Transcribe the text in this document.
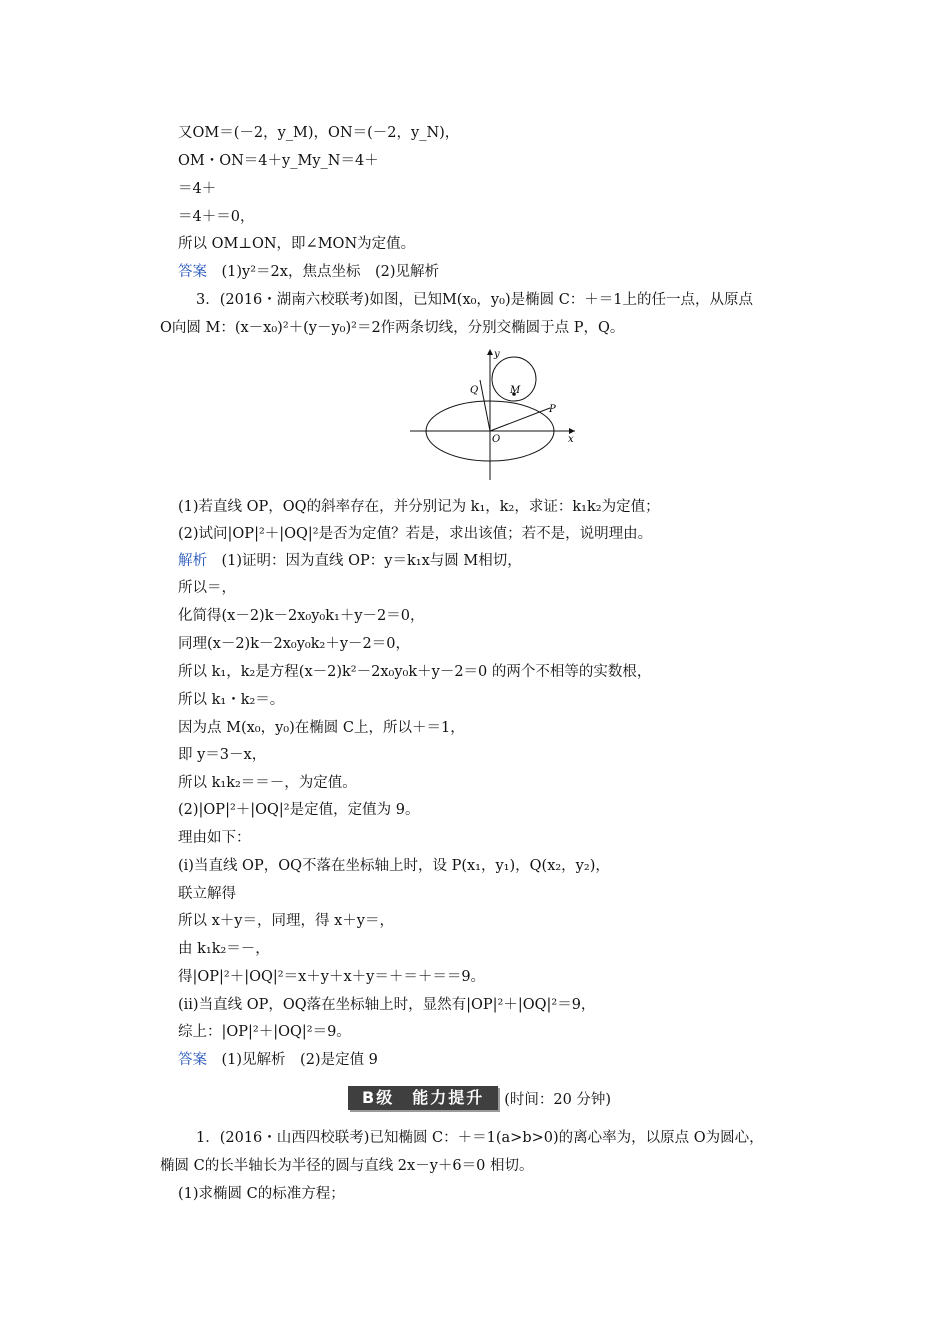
又OM＝(－2，y_M)，ON＝(－2，y_N)，
OM・ON＝4＋y_My_N＝4＋
＝4＋
＝4＋＝0，
所以 OM⊥ON，即∠MON为定值。
答案　 (1)y²＝2x，焦点坐标　(2)见解析
3．(2016・湖南六校联考)如图，已知M(x₀，y₀)是椭圆 C：＋＝1上的任一点，从原点
O向圆 M：(x－x₀)²＋(y－y₀)²＝2作两条切线，分别交椭圆于点 P，Q。
y
x
O
M
Q
P
(1)若直线 OP，OQ的斜率存在，并分别记为 k₁，k₂，求证：k₁k₂为定值；
(2)试问|OP|²＋|OQ|²是否为定值？若是，求出该值；若不是，说明理由。
解析　 (1)证明：因为直线 OP：y＝k₁x与圆 M相切，
所以＝，
化简得(x－2)k－2x₀y₀k₁＋y－2＝0，
同理(x－2)k－2x₀y₀k₂＋y－2＝0，
所以 k₁，k₂是方程(x－2)k²－2x₀y₀k＋y－2＝0 的两个不相等的实数根，
所以 k₁・k₂＝。
因为点 M(x₀，y₀)在椭圆 C上，所以＋＝1，
即 y＝3－x，
所以 k₁k₂＝＝－，为定值。
(2)|OP|²＋|OQ|²是定值，定值为 9。
理由如下：
(ⅰ)当直线 OP，OQ不落在坐标轴上时，设 P(x₁，y₁)，Q(x₂，y₂)，
联立解得
所以 x＋y＝，同理，得 x＋y＝，
由 k₁k₂＝－，
得|OP|²＋|OQ|²＝x＋y＋x＋y＝＋＝＋＝＝9。
(ⅱ)当直线 OP，OQ落在坐标轴上时，显然有|OP|²＋|OQ|²＝9，
综上：|OP|²＋|OQ|²＝9。
答案　 (1)见解析　(2)是定值 9
B级　能力提升	(时间：20 分钟)
1．(2016・山西四校联考)已知椭圆 C：＋＝1(a>b>0)的离心率为，以原点 O为圆心，
椭圆 C的长半轴长为半径的圆与直线 2x－y＋6＝0 相切。
(1)求椭圆 C的标准方程；
